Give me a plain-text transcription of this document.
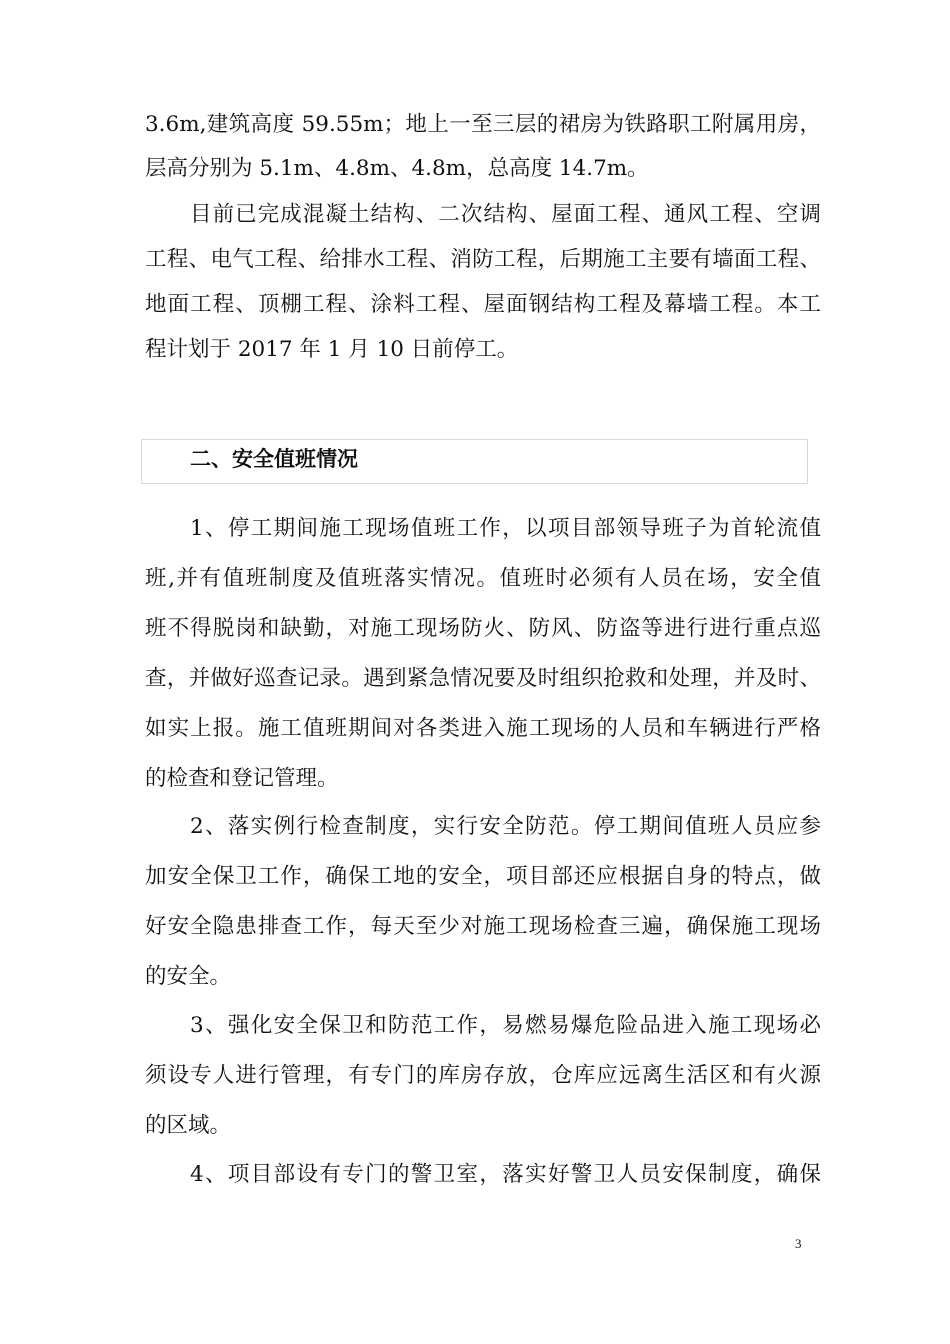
3.6m,建筑高度 59.55m；地上一至三层的裙房为铁路职工附属用房，
层高分别为 5.1m、4.8m、4.8m，总高度 14.7m。
目前已完成混凝土结构、二次结构、屋面工程、通风工程、空调
工程、电气工程、给排水工程、消防工程，后期施工主要有墙面工程、
地面工程、顶棚工程、涂料工程、屋面钢结构工程及幕墙工程。本工
程计划于 2017 年 1 月 10 日前停工。
二、安全值班情况
1、停工期间施工现场值班工作，以项目部领导班子为首轮流值
班,并有值班制度及值班落实情况。值班时必须有人员在场，安全值
班不得脱岗和缺勤，对施工现场防火、防风、防盗等进行进行重点巡
查，并做好巡查记录。遇到紧急情况要及时组织抢救和处理，并及时、
如实上报。施工值班期间对各类进入施工现场的人员和车辆进行严格
的检查和登记管理。
2、落实例行检查制度，实行安全防范。停工期间值班人员应参
加安全保卫工作，确保工地的安全，项目部还应根据自身的特点，做
好安全隐患排查工作，每天至少对施工现场检查三遍，确保施工现场
的安全。
3、强化安全保卫和防范工作，易燃易爆危险品进入施工现场必
须设专人进行管理，有专门的库房存放，仓库应远离生活区和有火源
的区域。
4、项目部设有专门的警卫室，落实好警卫人员安保制度，确保
3
